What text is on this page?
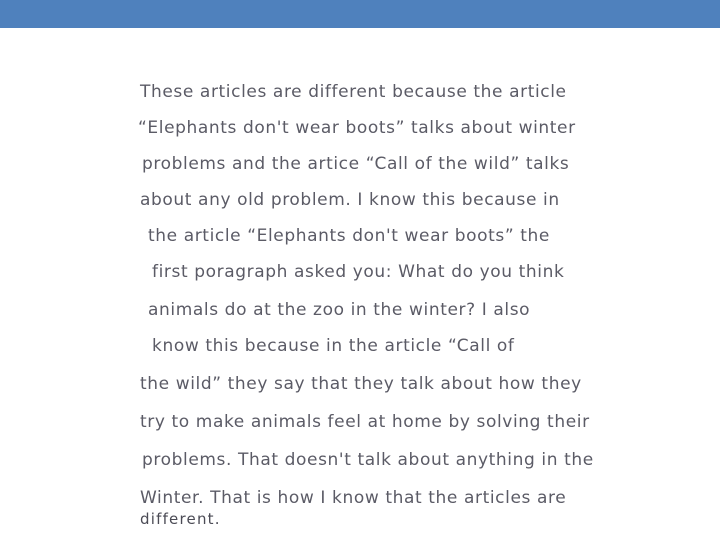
These articles are different because the article
“Elephants don't wear boots” talks about winter
problems and the artice “Call of the wild” talks
about any old problem. I know this because in
the article “Elephants don't wear boots” the
first poragraph asked you: What do you think
animals do at the zoo in the winter? I also
know this because in the article “Call of
the wild” they say that they talk about how they
try to make animals feel at home by solving their
problems. That doesn't talk about anything in the
Winter. That is how I know that the articles are
different.
